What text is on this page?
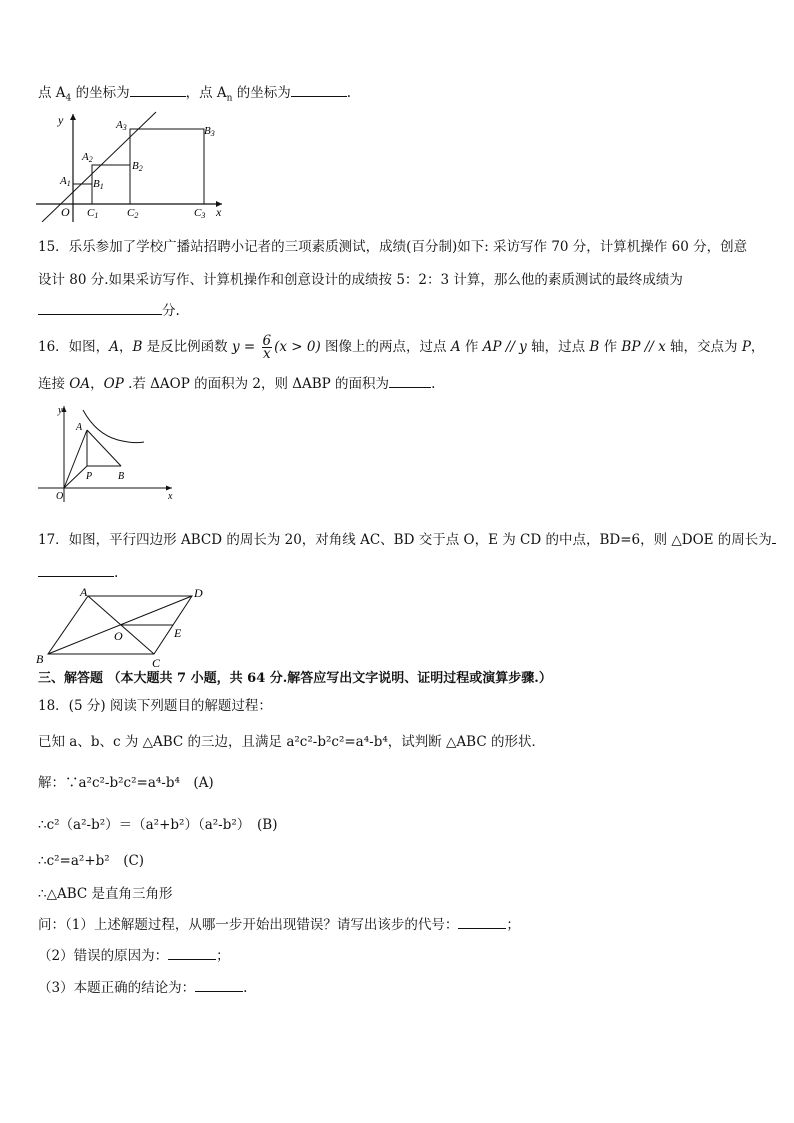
点 $A_4$ 的坐标为	，点 $A_n$ 的坐标为	.
y
x
O
A1
A2
A3
B1
B2
B3
C1	C2	C3
15．乐乐参加了学校广播站招聘小记者的三项素质测试，成绩(百分制)如下: 采访写作 70 分，计算机操作 60 分，创意
设计 80 分.如果采访写作、计算机操作和创意设计的成绩按 5：2：3 计算，那么他的素质测试的最终成绩为
分.
16．如图，A，B 是反比例函数 $y = \frac{6}{x} (x > 0)$ 图像上的两点，过点 A 作 AP // y 轴，过点 B 作 BP // x 轴，交点为 P，
连接 OA，OP .若 ΔAOP 的面积为 2，则 ΔABP 的面积为	.
y
x
O
A
P	B
17．如图，平行四边形 ABCD 的周长为 20，对角线 AC、BD 交于点 O，E 为 CD 的中点，BD=6，则 △DOE 的周长为
.
A	D
O	E
B	C
三、解答题 （本大题共 7 小题，共 64 分.解答应写出文字说明、证明过程或演算步骤.）
18．(5 分) 阅读下列题目的解题过程：
已知 a、b、c 为 △ABC 的三边，且满足 a²c²-b²c²=a⁴-b⁴，试判断 △ABC 的形状．
解：∵a²c²-b²c²=a⁴-b⁴　(A)
∴c²（a²-b²）＝（a²+b²）（a²-b²）　(B)
∴c²=a²+b²　(C)
∴△ABC 是直角三角形
问：（1）上述解题过程，从哪一步开始出现错误？请写出该步的代号：	；
（2）错误的原因为：	；
（3）本题正确的结论为：	.
